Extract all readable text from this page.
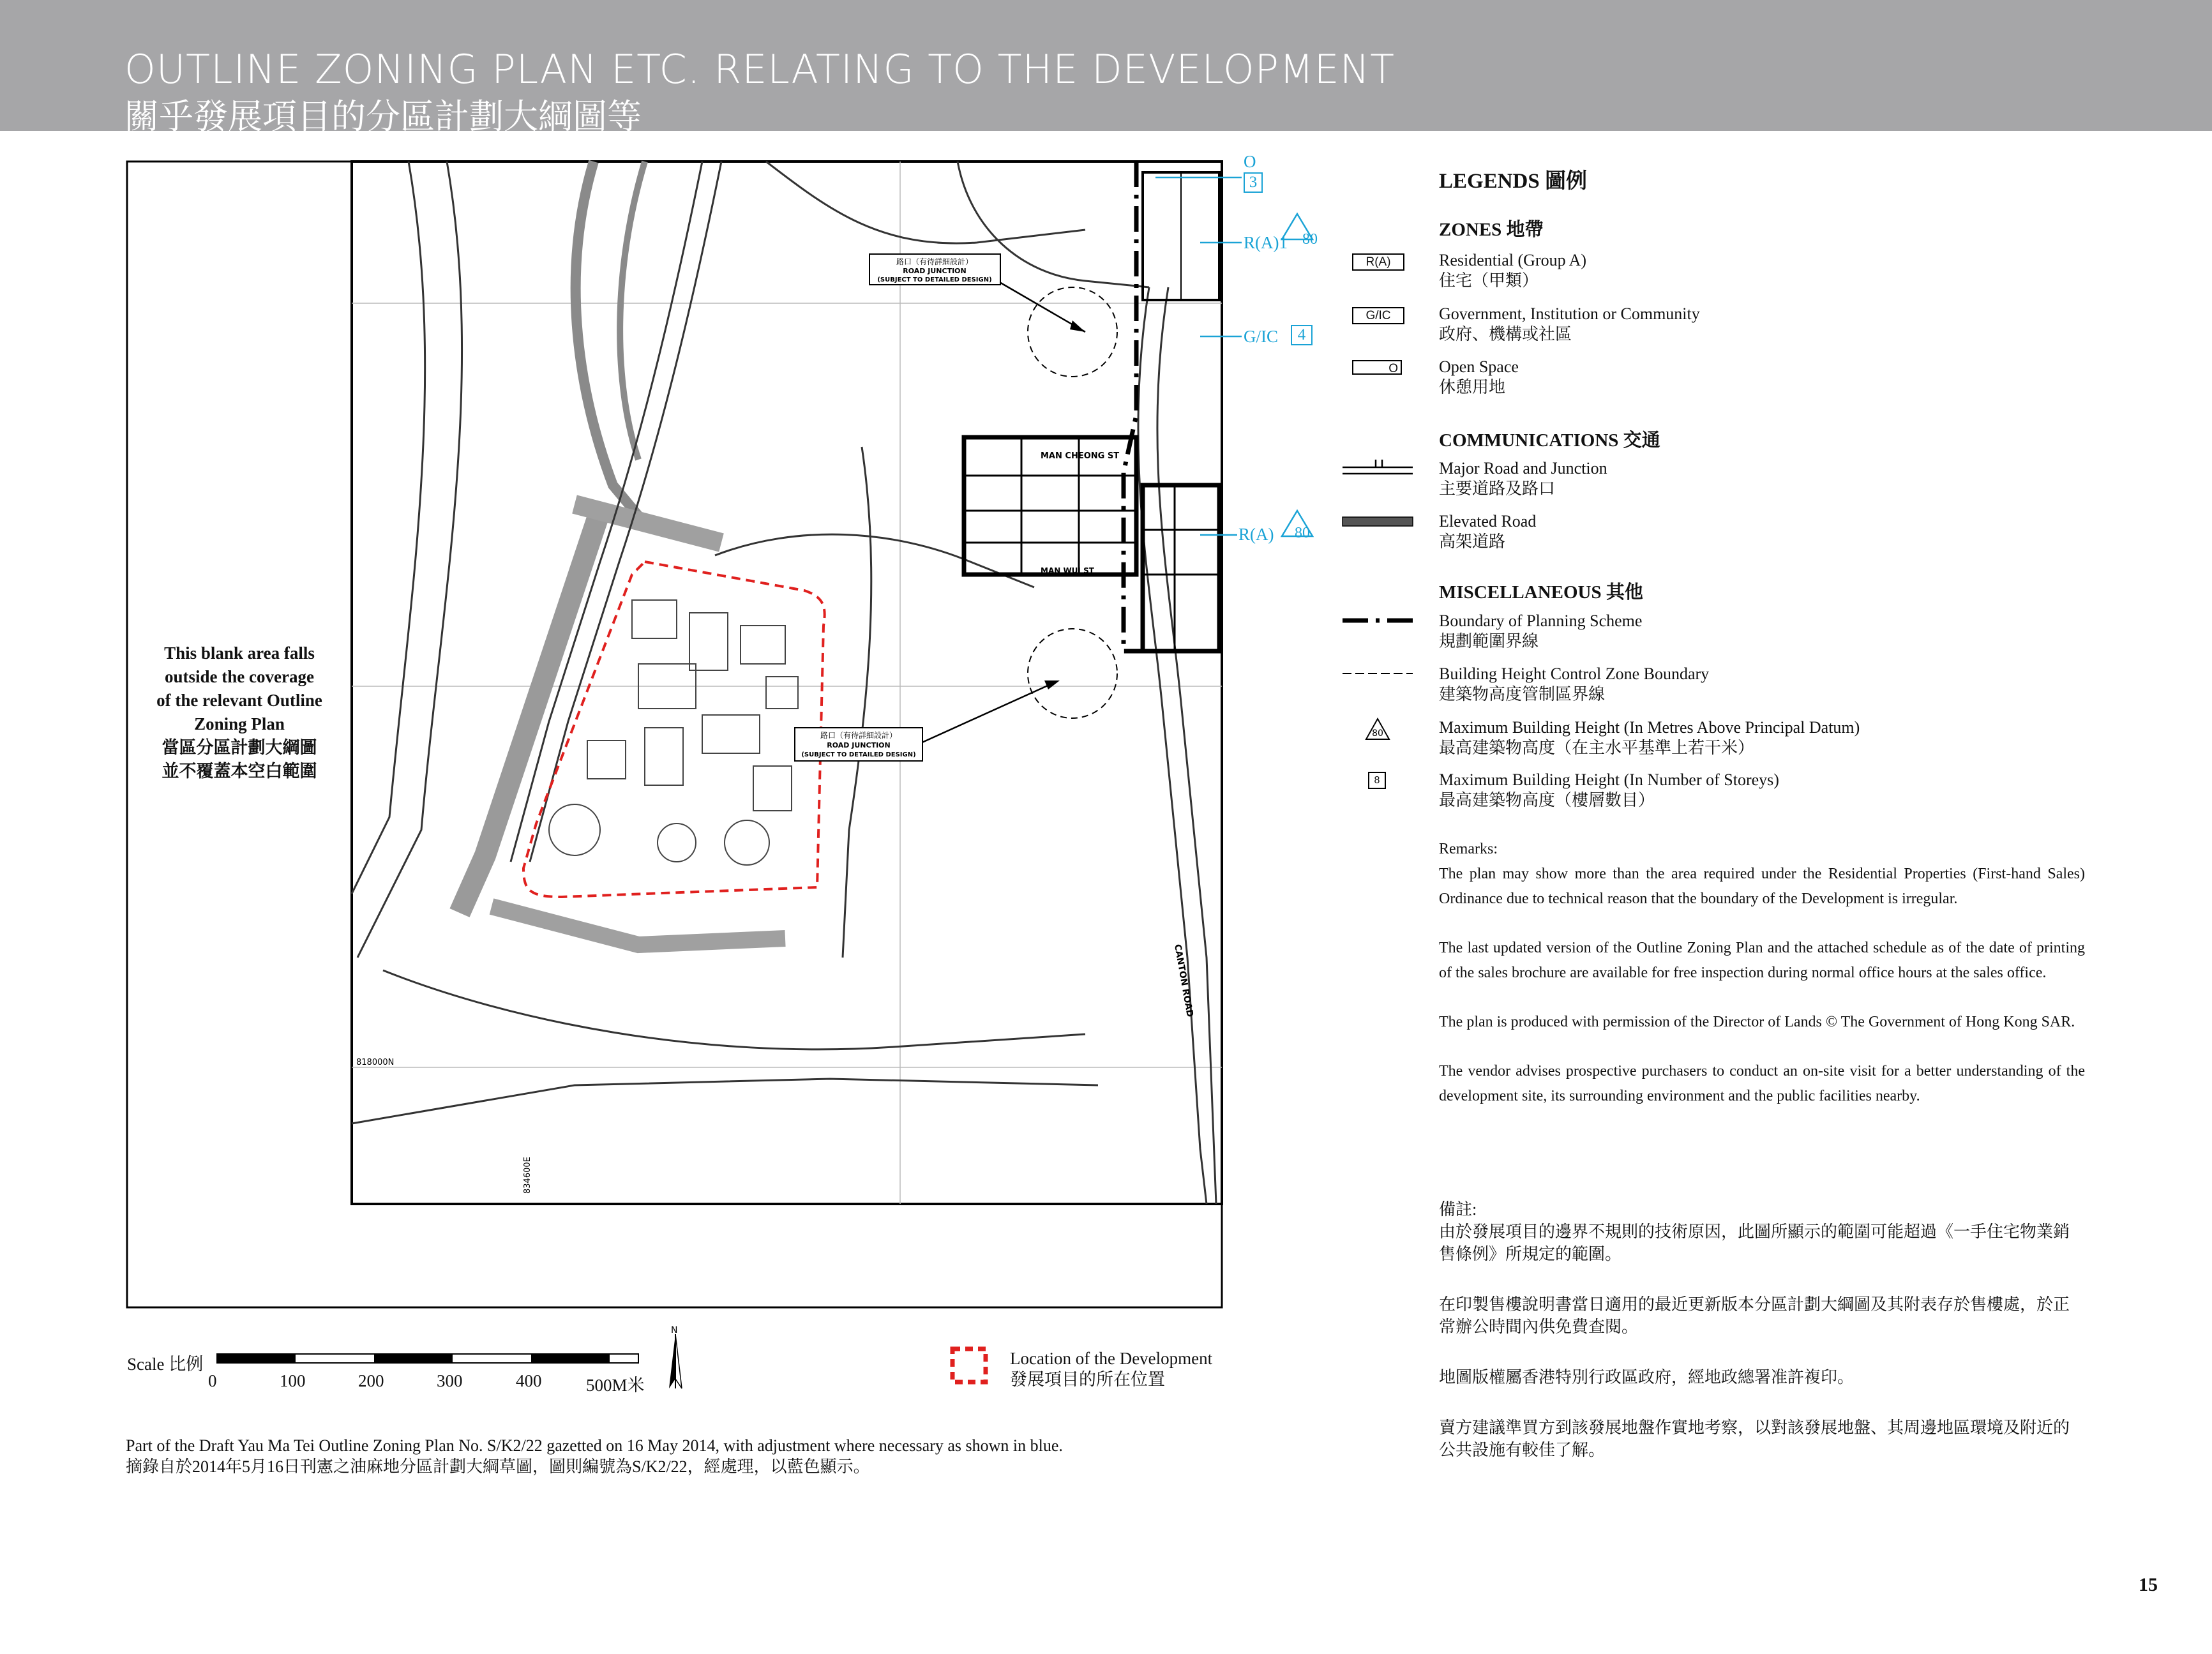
OUTLINE ZONING PLAN ETC. RELATING TO THE DEVELOPMENT
關乎發展項目的分區計劃大綱圖等
路口（有待詳細設計）
ROAD JUNCTION
(SUBJECT TO DETAILED DESIGN)
路口（有待詳細設計）
ROAD JUNCTION
(SUBJECT TO DETAILED DESIGN)
818000N
834600E
CANTON ROAD
MAN CHEONG ST
MAN WUI ST
N
80
O
3
R(A)1 80
G/IC	4
R(A) 80
This blank area falls
outside the coverage
of the relevant Outline
Zoning Plan
當區分區計劃大綱圖
並不覆蓋本空白範圍
Scale 比例
0	100	200	300	400	500M米
Location of the Development
發展項目的所在位置
Part of the Draft Yau Ma Tei Outline Zoning Plan No. S/K2/22 gazetted on 16 May 2014, with adjustment where necessary as shown in blue.
摘錄自於2014年5月16日刊憲之油麻地分區計劃大綱草圖，圖則編號為S/K2/22，經處理，以藍色顯示。
LEGENDS 圖例
ZONES 地帶
R(A)	Residential (Group A)
住宅（甲類）
G/IC	Government, Institution or Community
政府、機構或社區
O Open Space
休憩用地
COMMUNICATIONS 交通
Major Road and Junction
主要道路及路口
Elevated Road
高架道路
MISCELLANEOUS 其他
Boundary of Planning Scheme
規劃範圍界線
Building Height Control Zone Boundary
建築物高度管制區界線
Maximum Building Height (In Metres Above Principal Datum)
最高建築物高度（在主水平基準上若干米）
8	Maximum Building Height (In Number of Storeys)
最高建築物高度（樓層數目）

Remarks:

The plan may show more than the area required under the Residential Properties (First-hand Sales) Ordinance due to technical reason that the boundary of the Development is irregular.

The last updated version of the Outline Zoning Plan and the attached schedule as of the date of printing of the sales brochure are available for free inspection during normal office hours at the sales office.

The plan is produced with permission of the Director of Lands © The Government of Hong Kong SAR.

The vendor advises prospective purchasers to conduct an on-site visit for a better understanding of the development site, its surrounding environment and the public facilities nearby.

備註:

由於發展項目的邊界不規則的技術原因，此圖所顯示的範圍可能超過《一手住宅物業銷售條例》所規定的範圍。

在印製售樓說明書當日適用的最近更新版本分區計劃大綱圖及其附表存於售樓處，於正常辦公時間內供免費查閱。

地圖版權屬香港特別行政區政府，經地政總署准許複印。

賣方建議準買方到該發展地盤作實地考察，以對該發展地盤、其周邊地區環境及附近的公共設施有較佳了解。

15
